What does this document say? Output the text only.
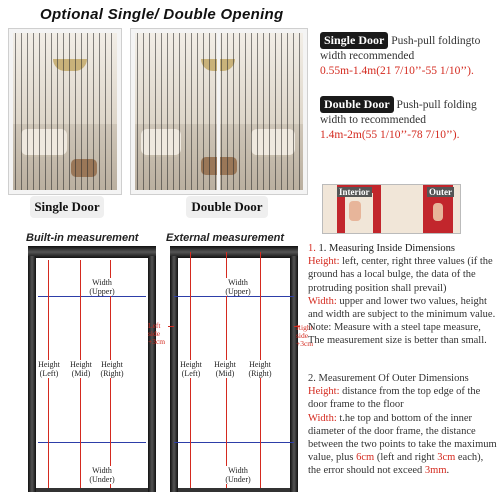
Optional Single/ Double Opening
Single Door	Double Door
Single Door Push-pull foldingto width recommended
0.55m-1.4m(21 7/10’’-55 1/10’’).
Double Door Push-pull folding width to recommended
1.4m-2m(55 1/10’’-78 7/10’’).
Interior	Outer
Built-in measurement	External measurement
Width (Upper)
Height (Left)
Height (Mid)
Height (Right)
Width (Under)
Left side +3cm
Right side +3cm
Width (Upper)
Height (Left)
Height (Mid)
Height (Right)
Width (Under)
1. 1. Measuring Inside Dimensions
Height: left, center, right three values (if the ground has a local bulge, the data of the protruding position shall prevail)
Width: upper and lower two values, height and width are subject to the minimum value.
Note: Measure with a steel tape measure, The measurement size is better than small.
2. Measurement Of Outer Dimensions
Height: distance from the top edge of the door frame to the floor
Width: t.he top and bottom of the inner diameter of the door frame, the distance between the two points to take the maximum value, plus 6cm (left and right 3cm each), the error should not exceed 3mm.
